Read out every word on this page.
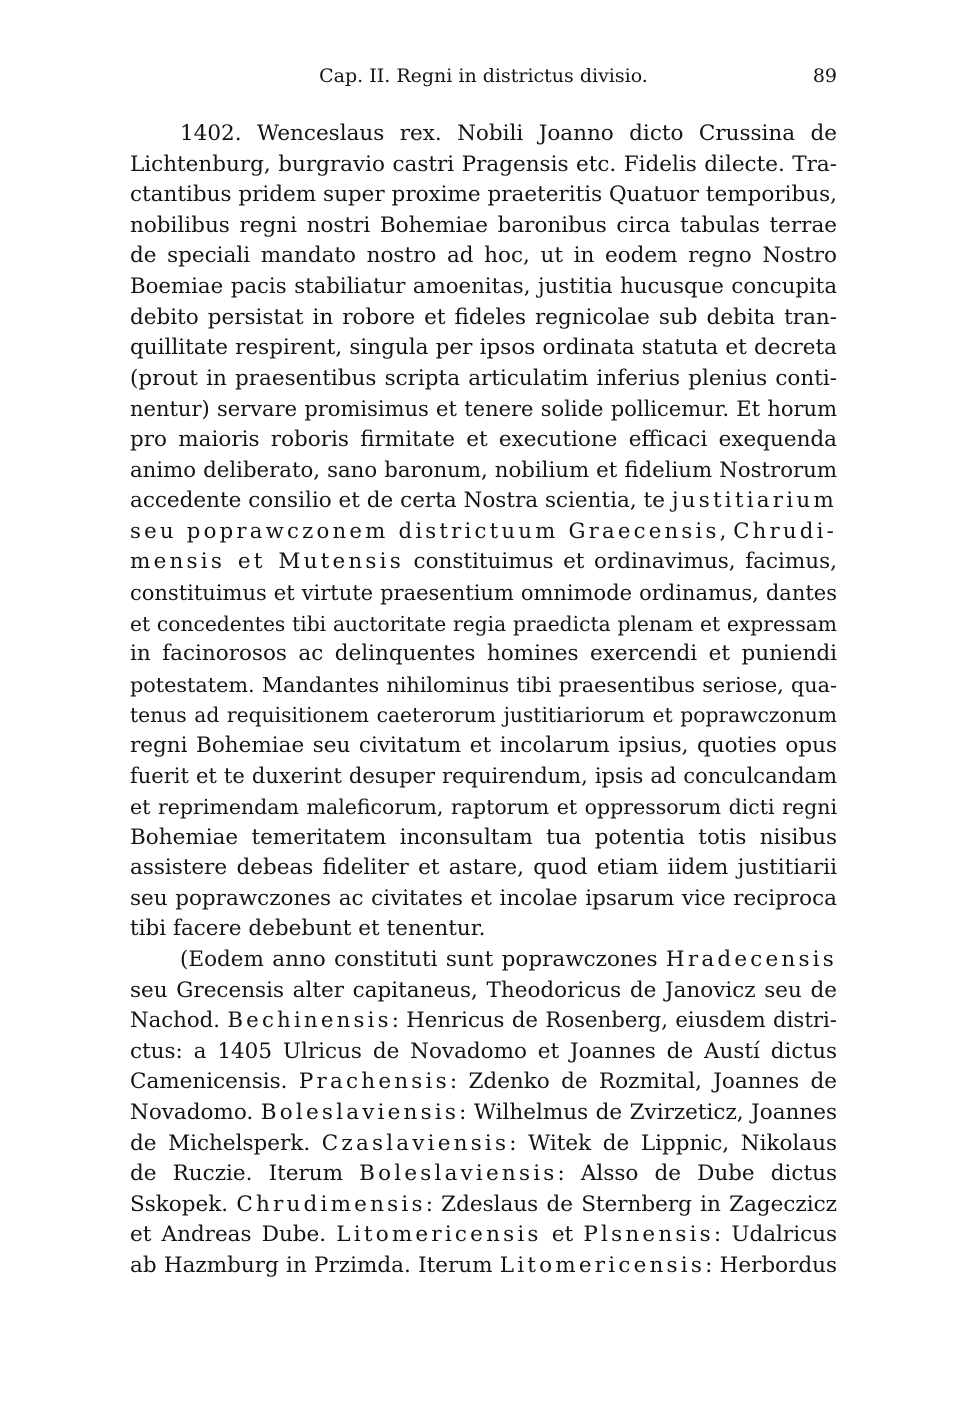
Cap. II. Regni in districtus divisio.	89
1402. Wenceslaus rex. Nobili Joanno dicto Crussina de
Lichtenburg, burgravio castri Pragensis etc. Fidelis dilecte. Tra-
ctantibus pridem super proxime praeteritis Quatuor temporibus,
nobilibus regni nostri Bohemiae baronibus circa tabulas terrae
de speciali mandato nostro ad hoc, ut in eodem regno Nostro
Boemiae pacis stabiliatur amoenitas, justitia hucusque concupita
debito persistat in robore et fideles regnicolae sub debita tran-
quillitate respirent, singula per ipsos ordinata statuta et decreta
(prout in praesentibus scripta articulatim inferius plenius conti-
nentur) servare promisimus et tenere solide pollicemur. Et horum
pro maioris roboris firmitate et executione efficaci exequenda
animo deliberato, sano baronum, nobilium et fidelium Nostrorum
accedente consilio et de certa Nostra scientia, te justitiarium
seu poprawczonem districtuum Graecensis, Chrudi-
mensis et Mutensis constituimus et ordinavimus, facimus,
constituimus et virtute praesentium omnimode ordinamus, dantes
et concedentes tibi auctoritate regia praedicta plenam et expressam
in facinorosos ac delinquentes homines exercendi et puniendi
potestatem. Mandantes nihilominus tibi praesentibus seriose, qua-
tenus ad requisitionem caeterorum justitiariorum et poprawczonum
regni Bohemiae seu civitatum et incolarum ipsius, quoties opus
fuerit et te duxerint desuper requirendum, ipsis ad conculcandam
et reprimendam maleficorum, raptorum et oppressorum dicti regni
Bohemiae temeritatem inconsultam tua potentia totis nisibus
assistere debeas fideliter et astare, quod etiam iidem justitiarii
seu poprawczones ac civitates et incolae ipsarum vice reciproca
tibi facere debebunt et tenentur.
(Eodem anno constituti sunt poprawczones Hradecensis
seu Grecensis alter capitaneus, Theodoricus de Janovicz seu de
Nachod. Bechinensis: Henricus de Rosenberg, eiusdem distri-
ctus: a 1405 Ulricus de Novadomo et Joannes de Austí dictus
Camenicensis. Prachensis: Zdenko de Rozmital, Joannes de
Novadomo. Boleslaviensis: Wilhelmus de Zvirzeticz, Joannes
de Michelsperk. Czaslaviensis: Witek de Lippnic, Nikolaus
de Ruczie. Iterum Boleslaviensis: Alsso de Dube dictus
Sskopek. Chrudimensis: Zdeslaus de Sternberg in Zageczicz
et Andreas Dube. Litomericensis et Plsnensis: Udalricus
ab Hazmburg in Przimda. Iterum Litomericensis: Herbordus
